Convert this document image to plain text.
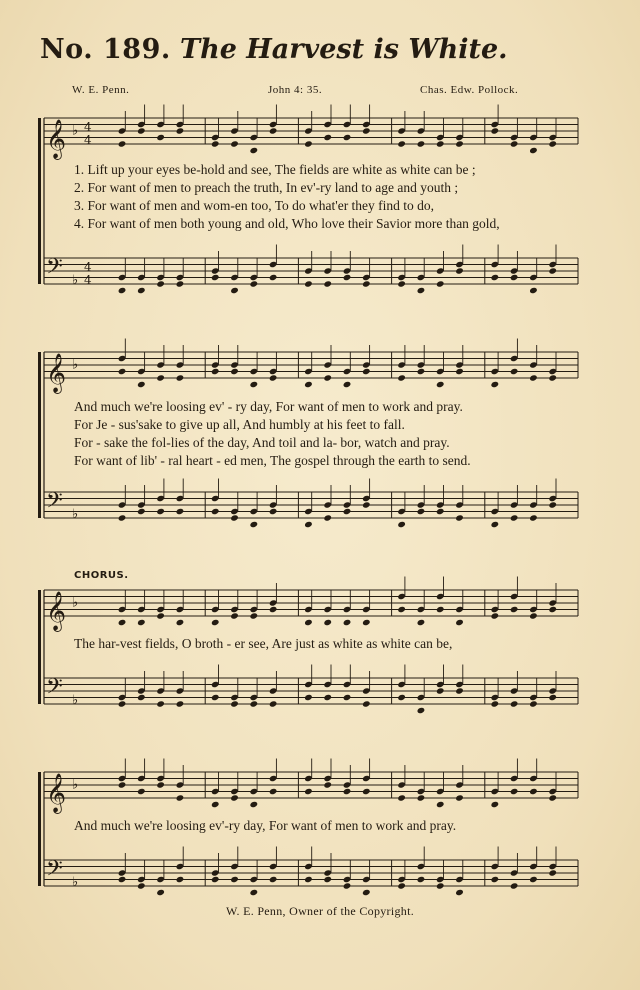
No. 189. The Harvest is White.
W. E. Penn.	John 4: 35.	Chas. Edw. Pollock.
𝄞
𝄢
♭
♭
4
4
4
4
𝄞
𝄢
♭
♭
𝄞
𝄢
♭
♭
𝄞
𝄢
♭
♭
1. Lift up your eyes be-hold and see, The fields are white as white can be ;
2. For want of men to preach the truth, In ev'-ry land to age and youth ;
3. For want of men and wom-en too, To do what'er they find to do,
4. For want of men both young and old, Who love their Savior more than gold,
And much we're loosing ev' - ry day, For want of men to work and pray.
For Je - sus'sake to give up all, And humbly at his feet to fall.
For - sake the fol-lies of the day, And toil and la- bor, watch and pray.
For want of lib' - ral heart - ed men, The gospel through the earth to send.
CHORUS.
The har-vest fields, O broth - er see, Are just as white as white can be,
And much we're loosing ev'-ry day, For want of men to work and pray.
W. E. Penn, Owner of the Copyright.
